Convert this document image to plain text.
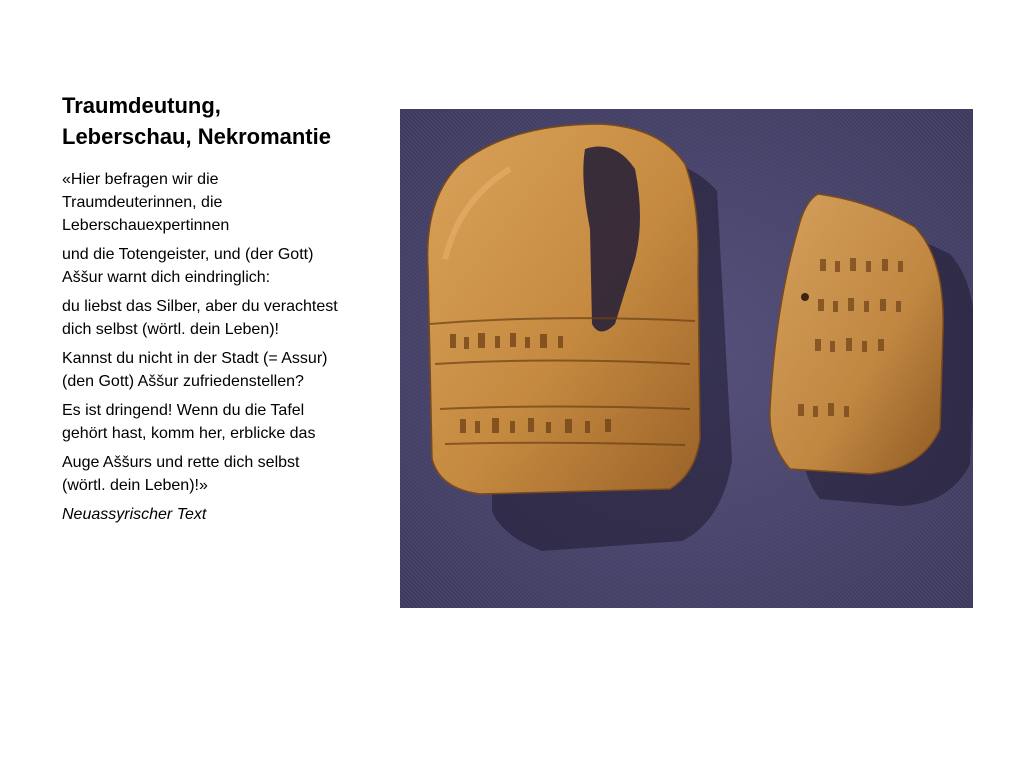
Traumdeutung,
Leberschau, Nekromantie

«Hier befragen wir die
Traumdeuterinnen, die
Leberschauexpertinnen

und die Totengeister, und (der Gott)
Aššur warnt dich eindringlich:

du liebst das Silber, aber du verachtest
dich selbst (wörtl. dein Leben)!

Kannst du nicht in der Stadt (= Assur)
(den Gott) Aššur zufriedenstellen?

Es ist dringend! Wenn du die Tafel
gehört hast, komm her, erblicke das

Auge Aššurs und rette dich selbst
(wörtl. dein Leben)!»

Neuassyrischer Text
